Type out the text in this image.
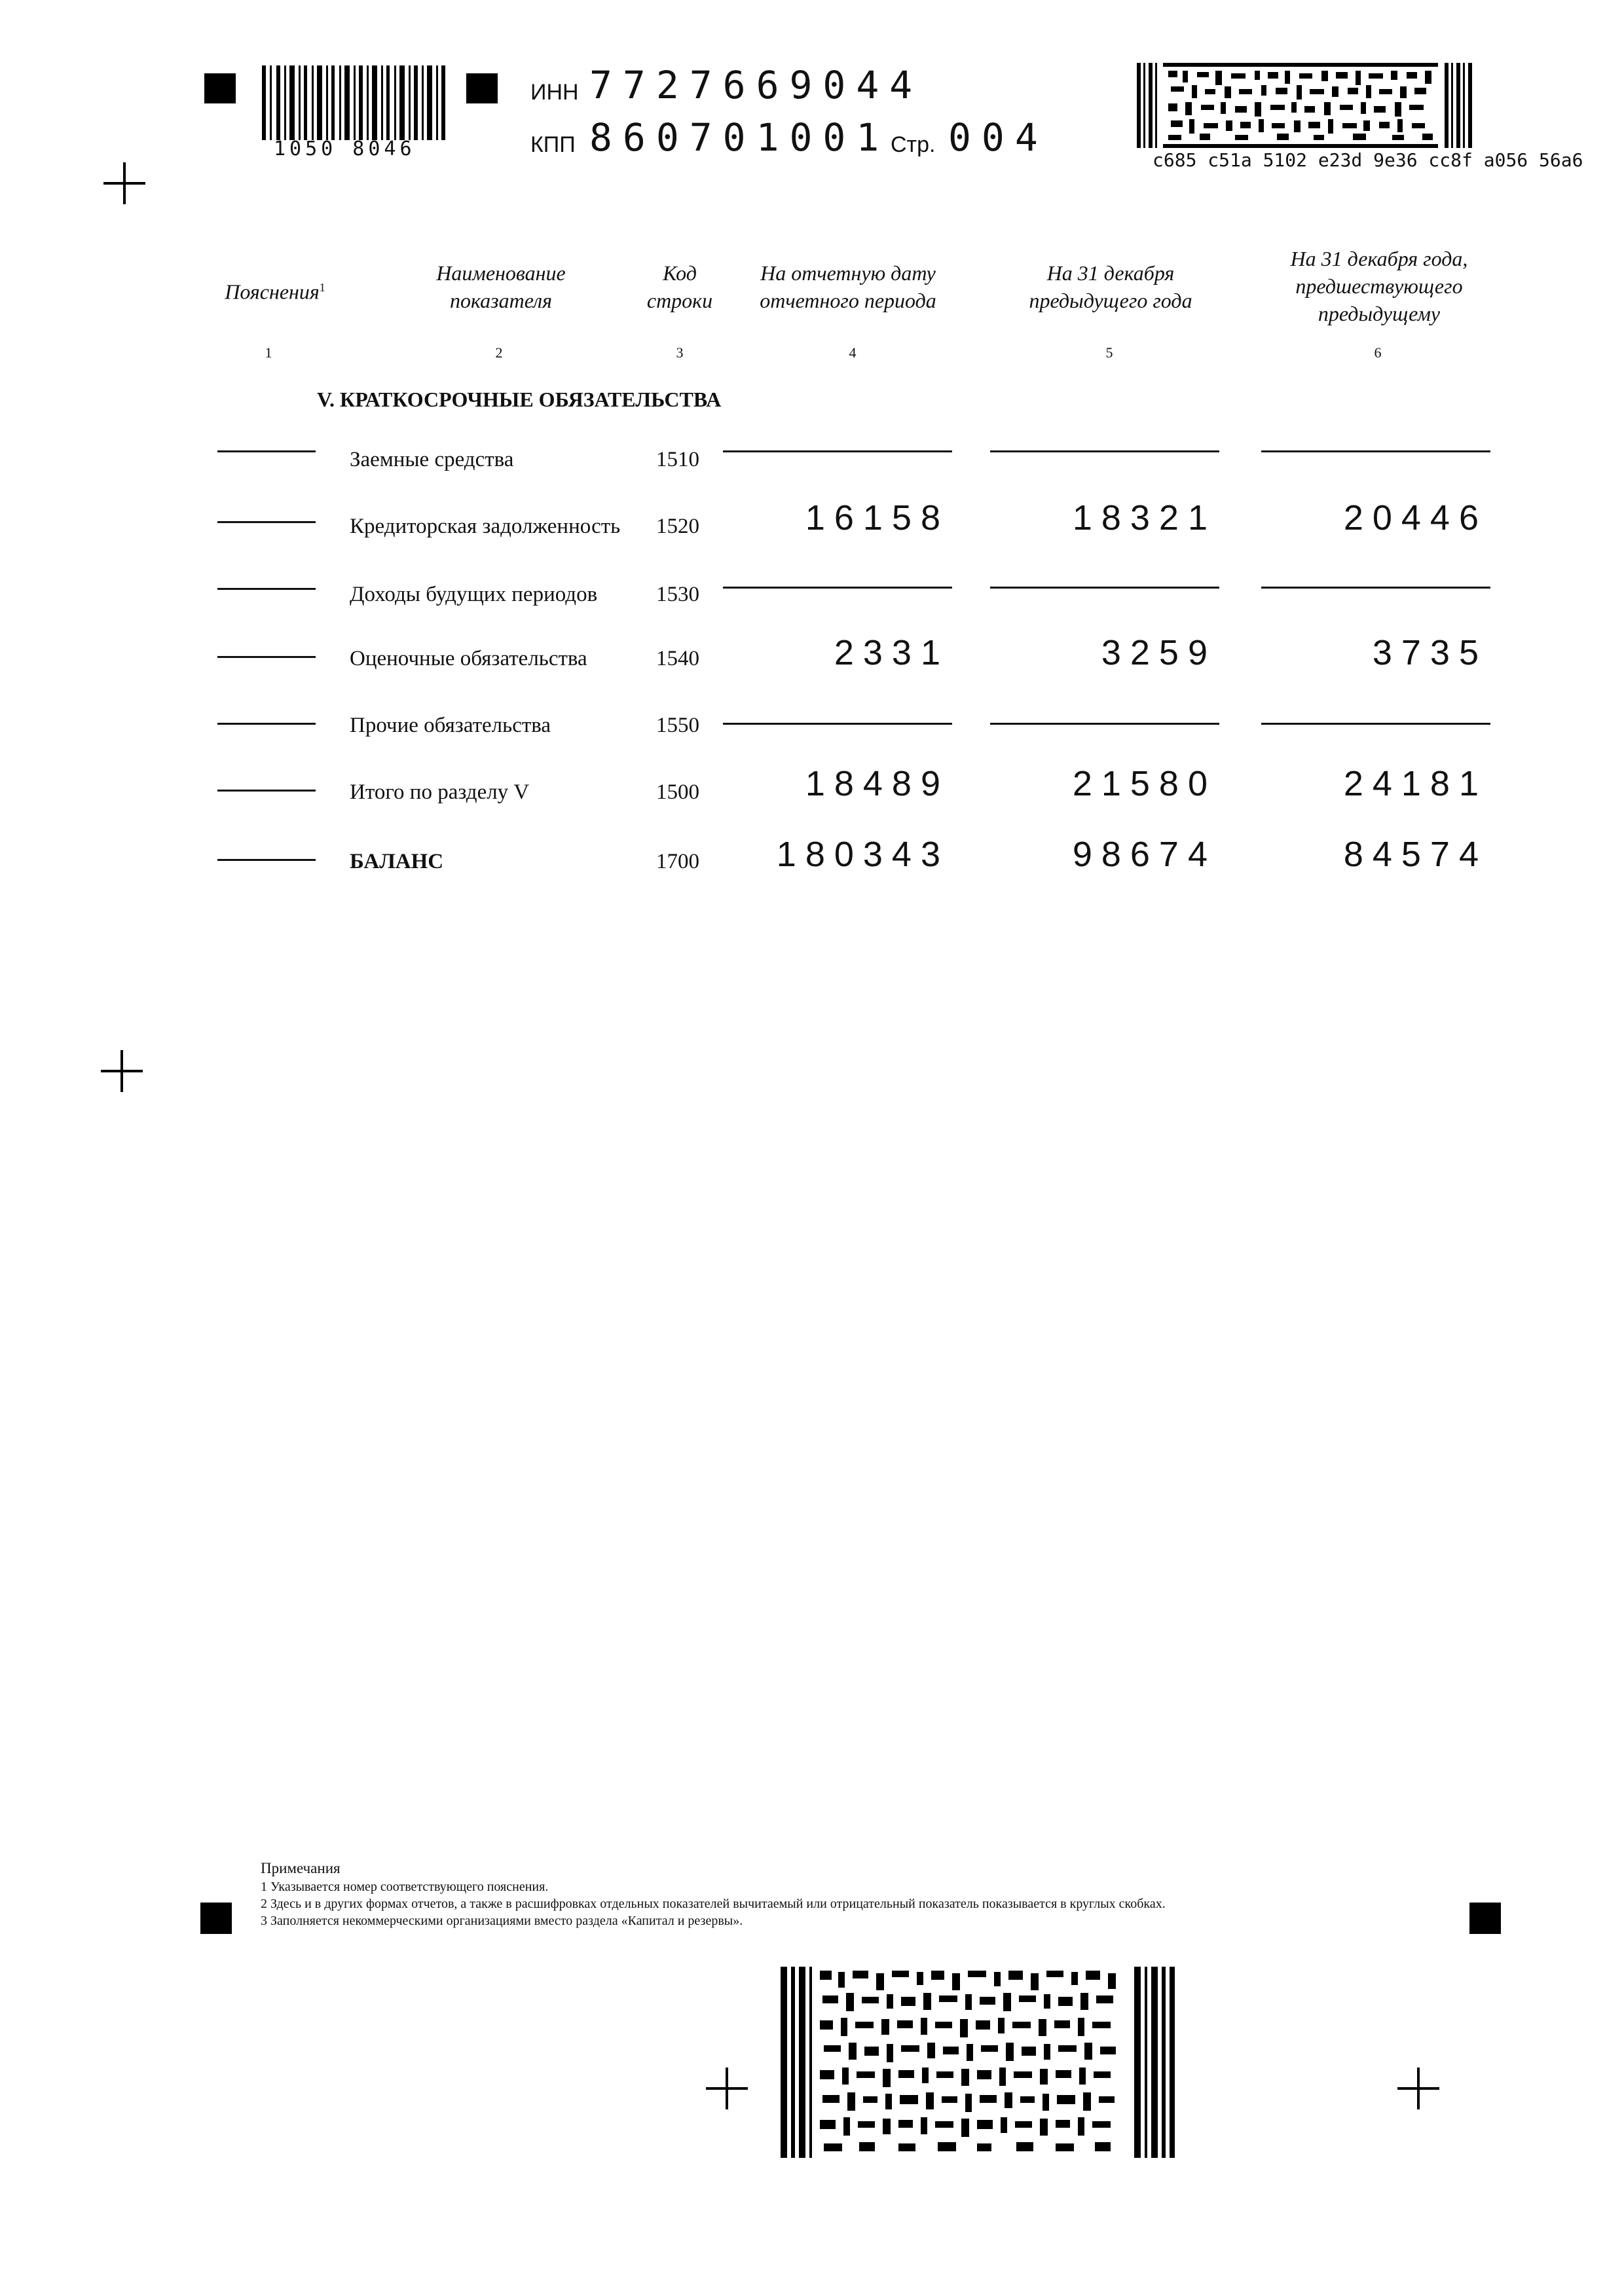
1050 8046
ИНН 7727669044
КПП 860701001 Стр. 004
c685 c51a 5102 e23d 9e36 cc8f a056 56a6
Пояснения$^1$
Наименование показателя
Код строки
На отчетную дату отчетного периода
На 31 декабря предыдущего года
На 31 декабря года, предшествующего предыдущему
1	2	3	4	5	6
V. КРАТКОСРОЧНЫЕ ОБЯЗАТЕЛЬСТВА
Заемные средства	1510
Кредиторская задолженность 1520	16158	18321	20446
Доходы будущих периодов	1530
Оценочные обязательства	1540	2331	3259	3735
Прочие обязательства	1550
Итого по разделу V	1500	18489	21580	24181
БАЛАНС	1700	180343	98674	84574
Примечания
1 Указывается номер соответствующего пояснения.
2 Здесь и в других формах отчетов, а также в расшифровках отдельных показателей вычитаемый или отрицательный показатель показывается в круглых скобках.
3 Заполняется некоммерческими организациями вместо раздела «Капитал и резервы».
